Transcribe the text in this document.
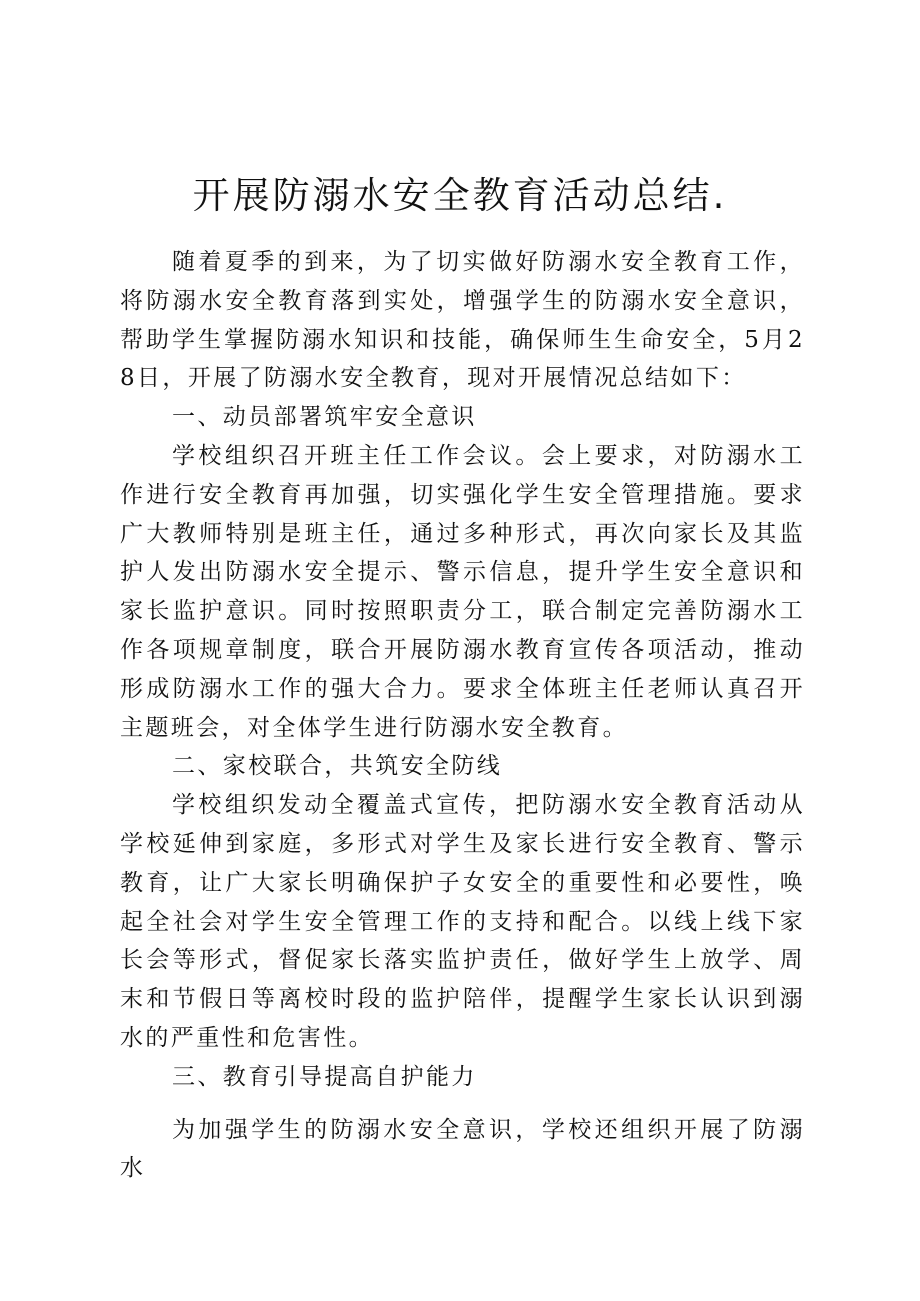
开展防溺水安全教育活动总结.

随着夏季的到来，为了切实做好防溺水安全教育工作，将防溺水安全教育落到实处，增强学生的防溺水安全意识，帮助学生掌握防溺水知识和技能，确保师生生命安全，5月28日，开展了防溺水安全教育，现对开展情况总结如下：

一、动员部署筑牢安全意识

学校组织召开班主任工作会议。会上要求，对防溺水工作进行安全教育再加强，切实强化学生安全管理措施。要求广大教师特别是班主任，通过多种形式，再次向家长及其监护人发出防溺水安全提示、警示信息，提升学生安全意识和家长监护意识。同时按照职责分工，联合制定完善防溺水工作各项规章制度，联合开展防溺水教育宣传各项活动，推动形成防溺水工作的强大合力。要求全体班主任老师认真召开主题班会，对全体学生进行防溺水安全教育。

二、家校联合，共筑安全防线

学校组织发动全覆盖式宣传，把防溺水安全教育活动从学校延伸到家庭，多形式对学生及家长进行安全教育、警示教育，让广大家长明确保护子女安全的重要性和必要性，唤起全社会对学生安全管理工作的支持和配合。以线上线下家长会等形式，督促家长落实监护责任，做好学生上放学、周末和节假日等离校时段的监护陪伴，提醒学生家长认识到溺水的严重性和危害性。

三、教育引导提高自护能力

为加强学生的防溺水安全意识，学校还组织开展了防溺水
